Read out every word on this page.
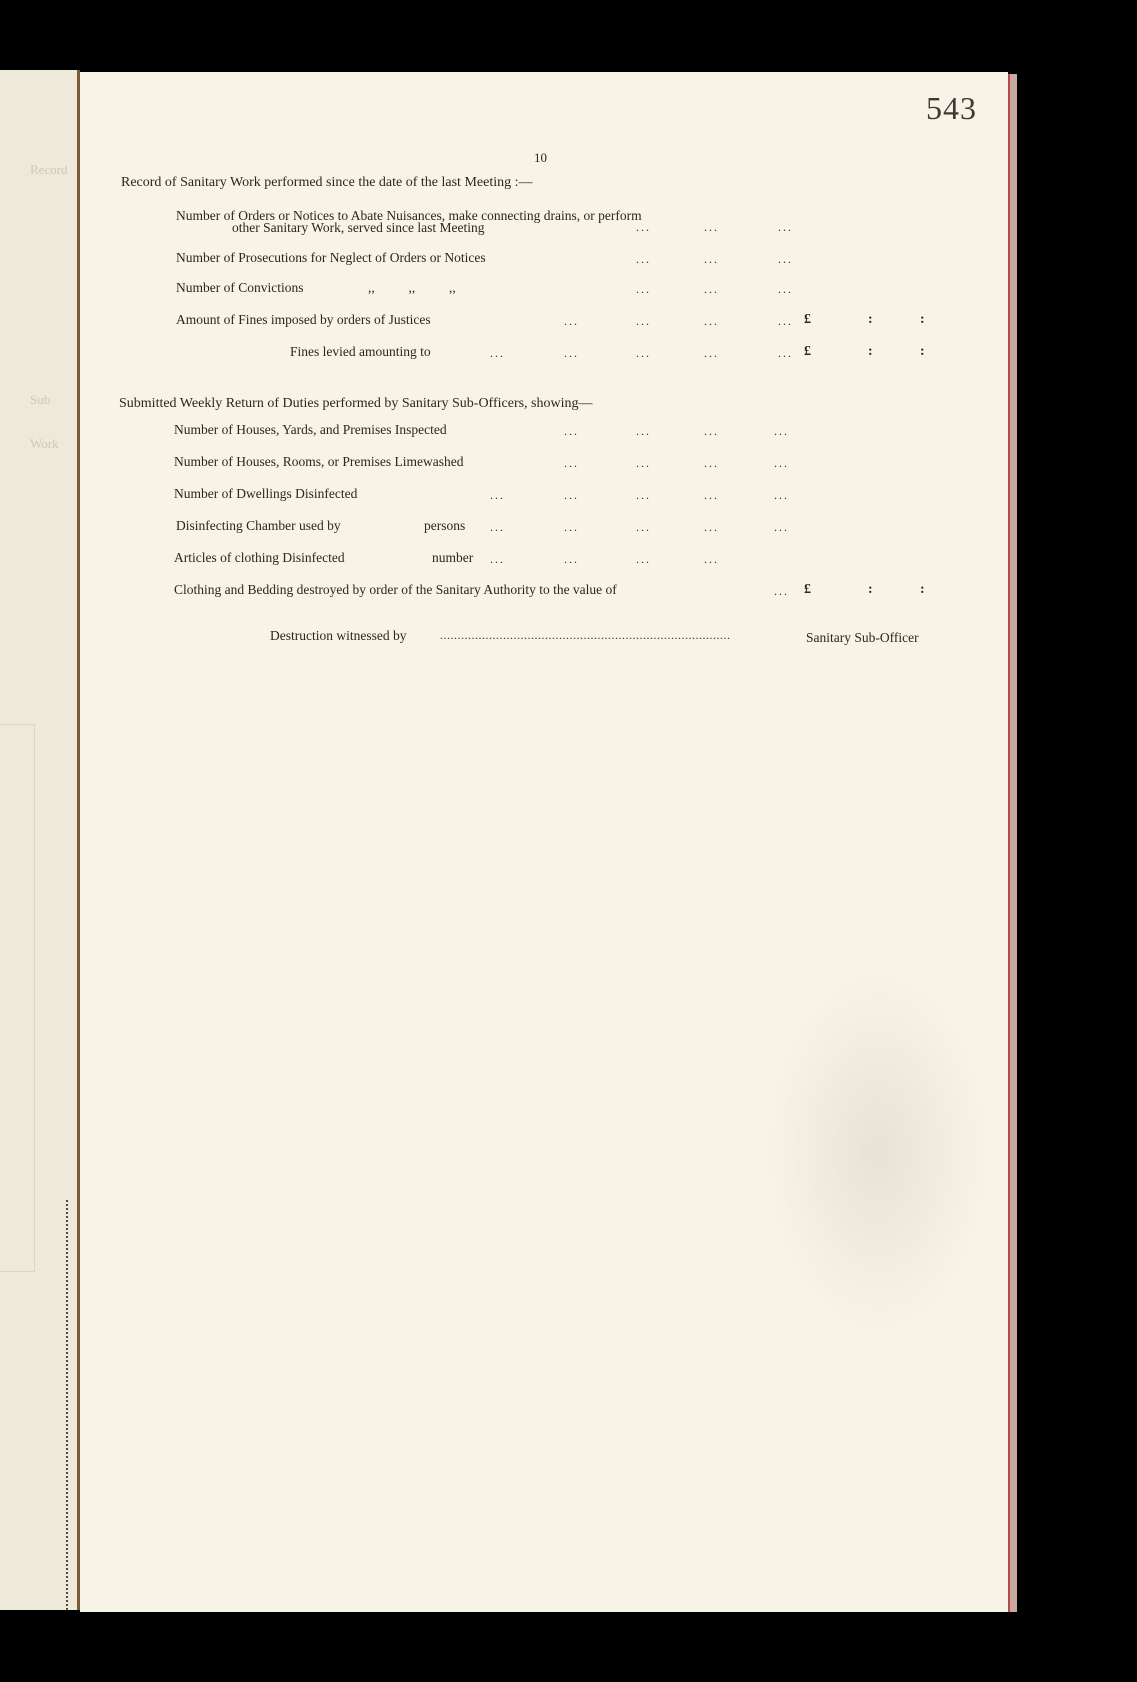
Record
Sub
Work
543
10
Record of Sanitary Work performed since the date of the last Meeting :—
Number of Orders or Notices to Abate Nuisances, make connecting drains, or perform
other Sanitary Work, served since last Meeting	...	...	...
Number of Prosecutions for Neglect of Orders or Notices	...	...	...
Number of Convictions	,,          ,,          ,,	...	...	...
Amount of Fines imposed by orders of Justices	...	...	...	... £	:	:
Fines levied amounting to	...	...	...	...	... £	:	:
Submitted Weekly Return of Duties performed by Sanitary Sub-Officers, showing—
Number of Houses, Yards, and Premises Inspected	...	...	...	...
Number of Houses, Rooms, or Premises Limewashed	...	...	...	...
Number of Dwellings Disinfected	...	...	...	...	...
Disinfecting Chamber used by	persons ...	...	...	...	...
Articles of clothing Disinfected	number ...	...	...	...
Clothing and Bedding destroyed by order of the Sanitary Authority to the value of	... £	:	:
Destruction witnessed by	...................................................................................	Sanitary Sub-Officer
